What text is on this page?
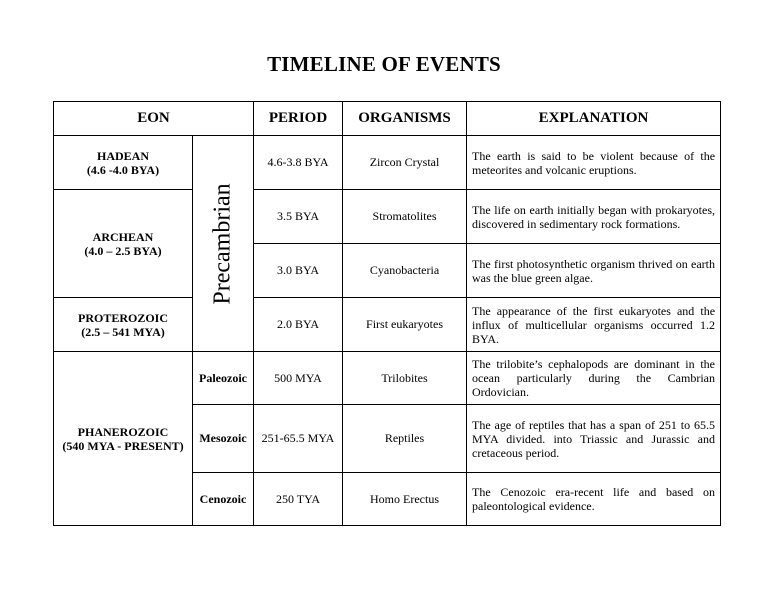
TIMELINE OF EVENTS
EON		PERIOD	ORGANISMS	EXPLANATION

HADEAN
(4.6 -4.0 BYA)	Precambrian	4.6-3.8 BYA	Zircon Crystal	The earth is said to be violent because of the meteorites and volcanic eruptions.

ARCHEAN
(4.0 – 2.5 BYA)		3.5 BYA	Stromatolites	The life on earth initially began with prokaryotes, discovered in sedimentary rock formations.
		3.0 BYA	Cyanobacteria	The first photosynthetic organism thrived on earth was the blue green algae.

PROTEROZOIC
(2.5 – 541 MYA)		2.0 BYA	First eukaryotes	The appearance of the first eukaryotes and the influx of multicellular organisms occurred 1.2 BYA.

PHANEROZOIC
(540 MYA - PRESENT)	Paleozoic	500 MYA	Trilobites	The trilobite’s cephalopods are dominant in the ocean particularly during the Cambrian Ordovician.
	Mesozoic	251-65.5 MYA	Reptiles	The age of reptiles that has a span of 251 to 65.5 MYA divided. into Triassic and Jurassic and cretaceous period.
	Cenozoic	250 TYA	Homo Erectus	The Cenozoic era-recent life and based on paleontological evidence.
